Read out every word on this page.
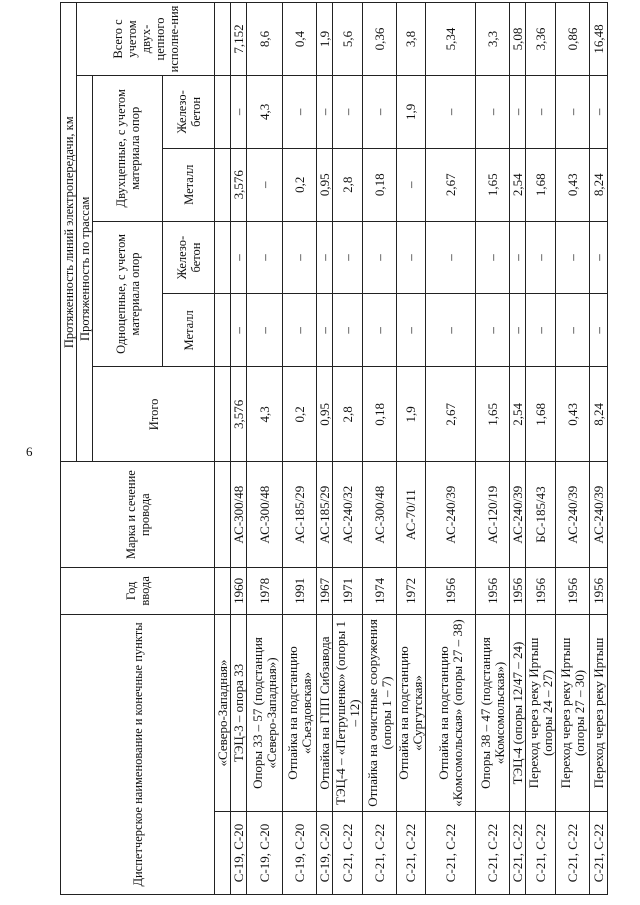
6
Диспетчерское наименование и конечные пункты		Год ввода	Марка и сечение провода	Протяженность линий электропередачи, км					
				Протяженность по трассам					Всего с учетом двух-цепного исполне-ния
				Итого	Одноцепные, с учетом материала опор		Двухцепные, с учетом материала опор		
					Металл	Железо-бетон	Металл	Железо-бетон	
	«Северо-Западная»								
С-19, С-20	ТЭЦ-3 – опора 33	1960	АС-300/48	3,576	–	–	3,576	–	7,152
С-19, С-20	Опоры 33 – 57 (подстанция «Северо-Западная»)	1978	АС-300/48	4,3	–	–	–	4,3	8,6
С-19, С-20	Отпайка на подстанцию «Съездовская»	1991	АС-185/29	0,2	–	–	0,2	–	0,4
С-19, С-20	Отпайка на ГПП Сибзавода	1967	АС-185/29	0,95	–	–	0,95	–	1,9
С-21, С-22	ТЭЦ-4 – «Петрушенко» (опоры 1 – 12)	1971	АС-240/32	2,8	–	–	2,8	–	5,6
С-21, С-22	Отпайка на очистные сооружения (опоры 1 – 7)	1974	АС-300/48	0,18	–	–	0,18	–	0,36
С-21, С-22	Отпайка на подстанцию «Сургутская»	1972	АС-70/11	1,9	–	–	–	1,9	3,8
С-21, С-22	Отпайка на подстанцию «Комсомольская» (опоры 27 – 38)	1956	АС-240/39	2,67	–	–	2,67	–	5,34
С-21, С-22	Опоры 38 – 47 (подстанция «Комсомольская»)	1956	АС-120/19	1,65	–	–	1,65	–	3,3
С-21, С-22	ТЭЦ-4 (опоры 12/47 – 24)	1956	АС-240/39	2,54	–	–	2,54	–	5,08
С-21, С-22	Переход через реку Иртыш (опоры 24 – 27)	1956	БС-185/43	1,68	–	–	1,68	–	3,36
С-21, С-22	Переход через реку Иртыш (опоры 27 – 30)	1956	АС-240/39	0,43	–	–	0,43	–	0,86
С-21, С-22	Переход через реку Иртыш	1956	АС-240/39	8,24	–	–	8,24	–	16,48
